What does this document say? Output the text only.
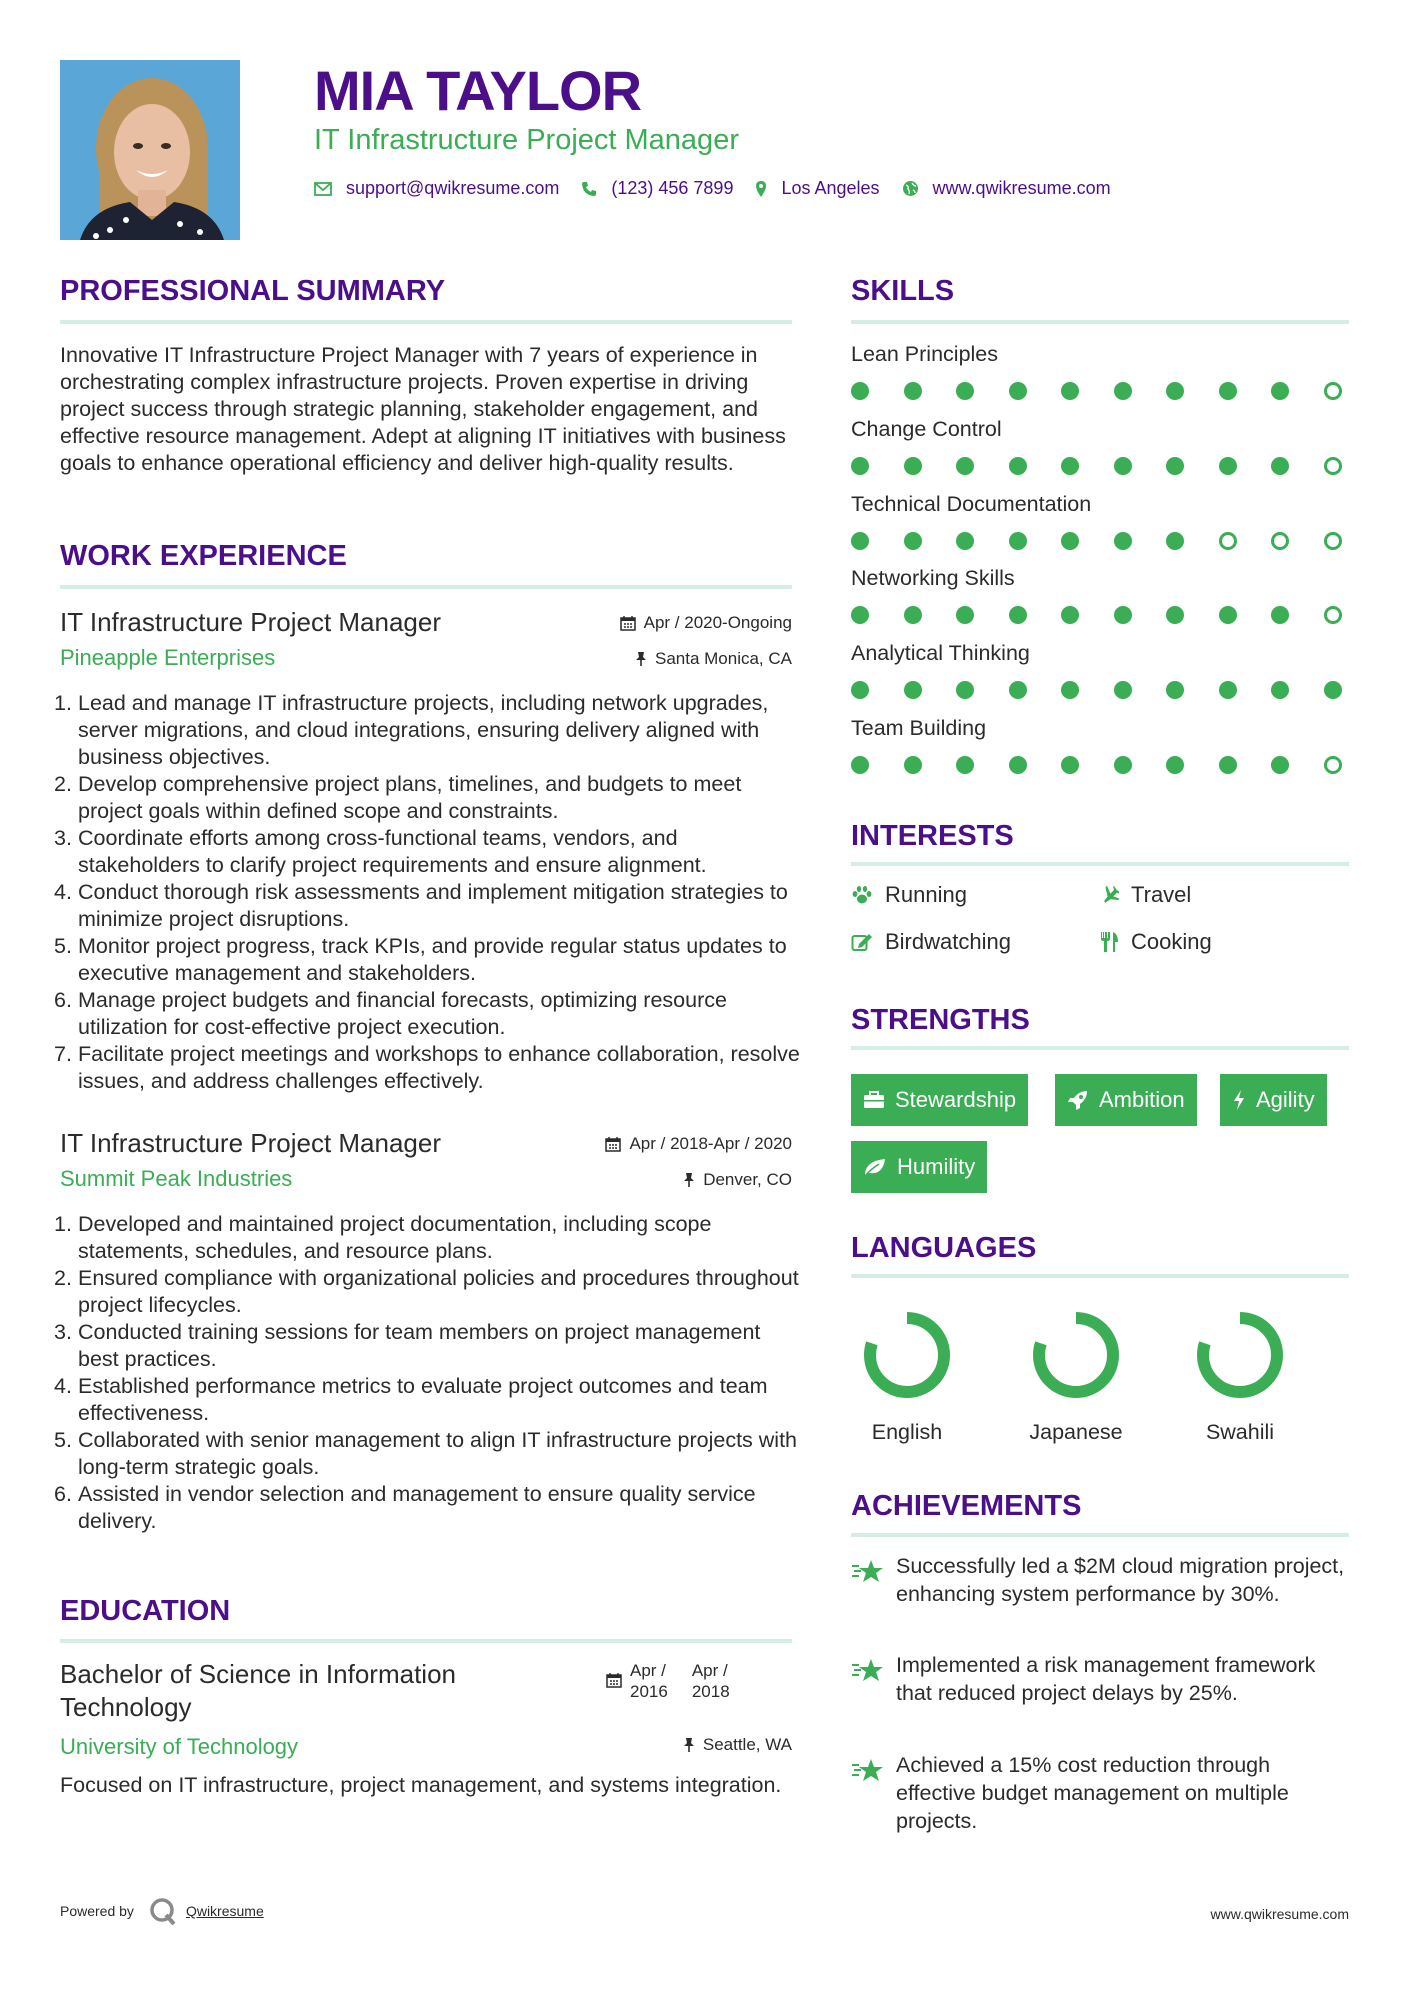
MIA TAYLOR
IT Infrastructure Project Manager
support@qwikresume.com	(123) 456 7899	Los Angeles	www.qwikresume.com
PROFESSIONAL SUMMARY
Innovative IT Infrastructure Project Manager with 7 years of experience in orchestrating complex infrastructure projects. Proven expertise in driving project success through strategic planning, stakeholder engagement, and effective resource management. Adept at aligning IT initiatives with business goals to enhance operational efficiency and deliver high-quality results.
WORK EXPERIENCE
IT Infrastructure Project Manager
Pineapple Enterprises
Apr / 2020-Ongoing
Santa Monica, CA
1. Lead and manage IT infrastructure projects, including network upgrades, server migrations, and cloud integrations, ensuring delivery aligned with business objectives.
2. Develop comprehensive project plans, timelines, and budgets to meet project goals within defined scope and constraints.
3. Coordinate efforts among cross-functional teams, vendors, and stakeholders to clarify project requirements and ensure alignment.
4. Conduct thorough risk assessments and implement mitigation strategies to minimize project disruptions.
5. Monitor project progress, track KPIs, and provide regular status updates to executive management and stakeholders.
6. Manage project budgets and financial forecasts, optimizing resource utilization for cost-effective project execution.
7. Facilitate project meetings and workshops to enhance collaboration, resolve issues, and address challenges effectively.
IT Infrastructure Project Manager
Summit Peak Industries
Apr / 2018-Apr / 2020
Denver, CO
1. Developed and maintained project documentation, including scope statements, schedules, and resource plans.
2. Ensured compliance with organizational policies and procedures throughout project lifecycles.
3. Conducted training sessions for team members on project management best practices.
4. Established performance metrics to evaluate project outcomes and team effectiveness.
5. Collaborated with senior management to align IT infrastructure projects with long-term strategic goals.
6. Assisted in vendor selection and management to ensure quality service delivery.
EDUCATION
Bachelor of Science in Information Technology
University of Technology
Apr /
2016
Apr /
2018
Seattle, WA
Focused on IT infrastructure, project management, and systems integration.
SKILLS
Lean Principles
Change Control
Technical Documentation
Networking Skills
Analytical Thinking
Team Building
INTERESTS
Running	Travel
Birdwatching	Cooking
STRENGTHS
Stewardship	Ambition	Agility
Humility
LANGUAGES
English	Japanese	Swahili
ACHIEVEMENTS
Successfully led a $2M cloud migration project, enhancing system performance by 30%.
Implemented a risk management framework that reduced project delays by 25%.
Achieved a 15% cost reduction through effective budget management on multiple projects.
Powered by	Qwikresume	www.qwikresume.com
